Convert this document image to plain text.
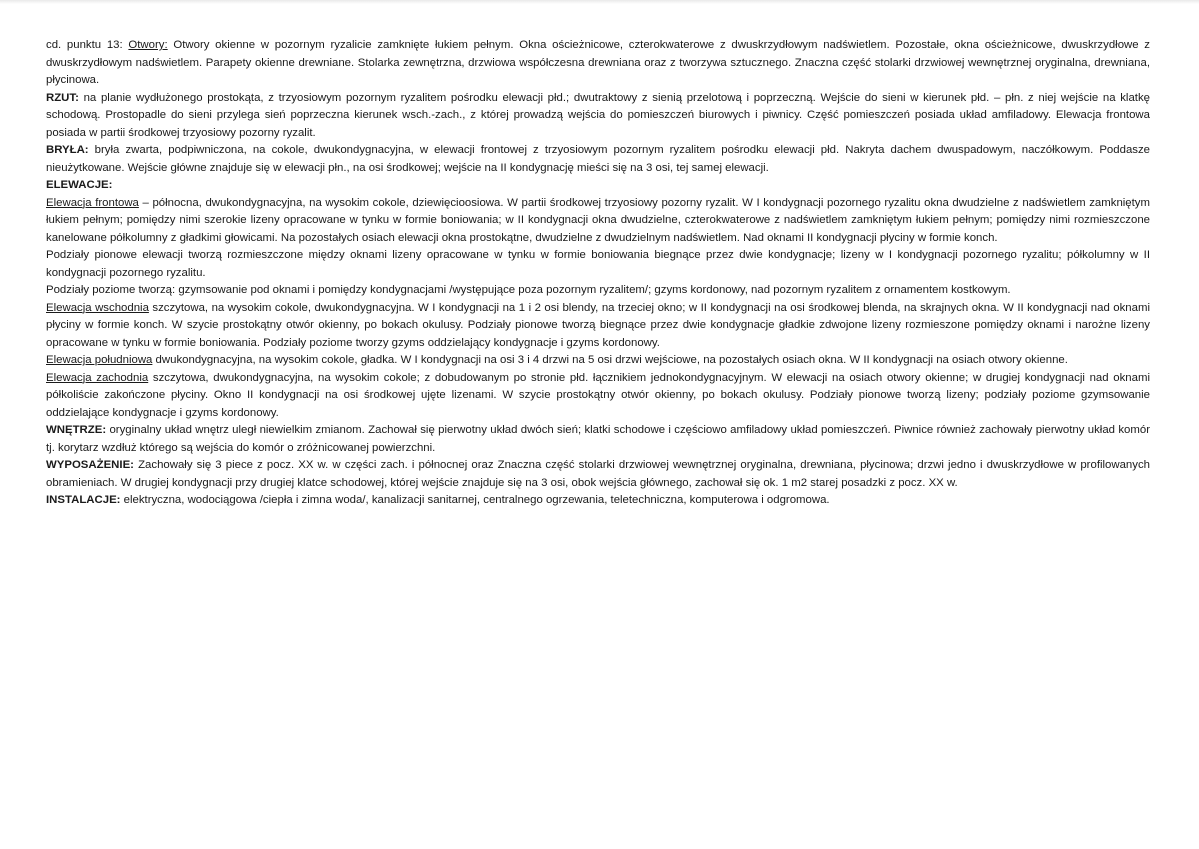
cd. punktu 13: Otwory: Otwory okienne w pozornym ryzalicie zamknięte łukiem pełnym. Okna ościeżnicowe, czterokwaterowe z dwuskrzydłowym nadświetlem. Pozostałe, okna ościeżnicowe, dwuskrzydłowe z dwuskrzydłowym nadświetlem. Parapety okienne drewniane. Stolarka zewnętrzna, drzwiowa współczesna drewniana oraz z tworzywa sztucznego. Znaczna część stolarki drzwiowej wewnętrznej oryginalna, drewniana, płycinowa.

RZUT: na planie wydłużonego prostokąta, z trzyosiowym pozornym ryzalitem pośrodku elewacji płd.; dwutraktowy z sienią przelotową i poprzeczną. Wejście do sieni w kierunek płd. – płn. z niej wejście na klatkę schodową. Prostopadle do sieni przylega sień poprzeczna kierunek wsch.-zach., z której prowadzą wejścia do pomieszczeń biurowych i piwnicy. Część pomieszczeń posiada układ amfiladowy. Elewacja frontowa posiada w partii środkowej trzyosiowy pozorny ryzalit.

BRYŁA: bryła zwarta, podpiwniczona, na cokole, dwukondygnacyjna, w elewacji frontowej z trzyosiowym pozornym ryzalitem pośrodku elewacji płd. Nakryta dachem dwuspadowym, naczółkowym. Poddasze nieużytkowane. Wejście główne znajduje się w elewacji płn., na osi środkowej; wejście na II kondygnację mieści się na 3 osi, tej samej elewacji.

ELEWACJE:

Elewacja frontowa – północna, dwukondygnacyjna, na wysokim cokole, dziewięcioosiowa. W partii środkowej trzyosiowy pozorny ryzalit. W I kondygnacji pozornego ryzalitu okna dwudzielne z nadświetlem zamkniętym łukiem pełnym; pomiędzy nimi szerokie lizeny opracowane w tynku w formie boniowania; w II kondygnacji okna dwudzielne, czterokwaterowe z nadświetlem zamkniętym łukiem pełnym; pomiędzy nimi rozmieszczone kanelowane półkolumny z gładkimi głowicami. Na pozostałych osiach elewacji okna prostokątne, dwudzielne z dwudzielnym nadświetlem. Nad oknami II kondygnacji płyciny w formie konch.

Podziały pionowe elewacji tworzą rozmieszczone między oknami lizeny opracowane w tynku w formie boniowania biegnące przez dwie kondygnacje; lizeny w I kondygnacji pozornego ryzalitu; półkolumny w II kondygnacji pozornego ryzalitu.

Podziały poziome tworzą: gzymsowanie pod oknami i pomiędzy kondygnacjami /występujące poza pozornym ryzalitem/; gzyms kordonowy, nad pozornym ryzalitem z ornamentem kostkowym.

Elewacja wschodnia szczytowa, na wysokim cokole, dwukondygnacyjna. W I kondygnacji na 1 i 2 osi blendy, na trzeciej okno; w II kondygnacji na osi środkowej blenda, na skrajnych okna. W II kondygnacji nad oknami płyciny w formie konch. W szycie prostokątny otwór okienny, po bokach okulusy. Podziały pionowe tworzą biegnące przez dwie kondygnacje gładkie zdwojone lizeny rozmieszone pomiędzy oknami i narożne lizeny opracowane w tynku w formie boniowania. Podziały poziome tworzy gzyms oddzielający kondygnacje i gzyms kordonowy.

Elewacja południowa dwukondygnacyjna, na wysokim cokole, gładka. W I kondygnacji na osi 3 i 4 drzwi na 5 osi drzwi wejściowe, na pozostałych osiach okna. W II kondygnacji na osiach otwory okienne.

Elewacja zachodnia szczytowa, dwukondygnacyjna, na wysokim cokole; z dobudowanym po stronie płd. łącznikiem jednokondygnacyjnym. W elewacji na osiach otwory okienne; w drugiej kondygnacji nad oknami półkoliście zakończone płyciny. Okno II kondygnacji na osi środkowej ujęte lizenami. W szycie prostokątny otwór okienny, po bokach okulusy. Podziały pionowe tworzą lizeny; podziały poziome gzymsowanie oddzielające kondygnacje i gzyms kordonowy.

WNĘTRZE: oryginalny układ wnętrz uległ niewielkim zmianom. Zachował się pierwotny układ dwóch sień; klatki schodowe i częściowo amfiladowy układ pomieszczeń. Piwnice również zachowały pierwotny układ komór tj. korytarz wzdłuż którego są wejścia do komór o zróżnicowanej powierzchni.

WYPOSAŻENIE: Zachowały się 3 piece z pocz. XX w. w części zach. i północnej oraz Znaczna część stolarki drzwiowej wewnętrznej oryginalna, drewniana, płycinowa; drzwi jedno i dwuskrzydłowe w profilowanych obramieniach. W drugiej kondygnacji przy drugiej klatce schodowej, której wejście znajduje się na 3 osi, obok wejścia głównego, zachował się ok. 1 m2 starej posadzki z pocz. XX w.

INSTALACJE: elektryczna, wodociągowa /ciepła i zimna woda/, kanalizacji sanitarnej, centralnego ogrzewania, teletechniczna, komputerowa i odgromowa.
